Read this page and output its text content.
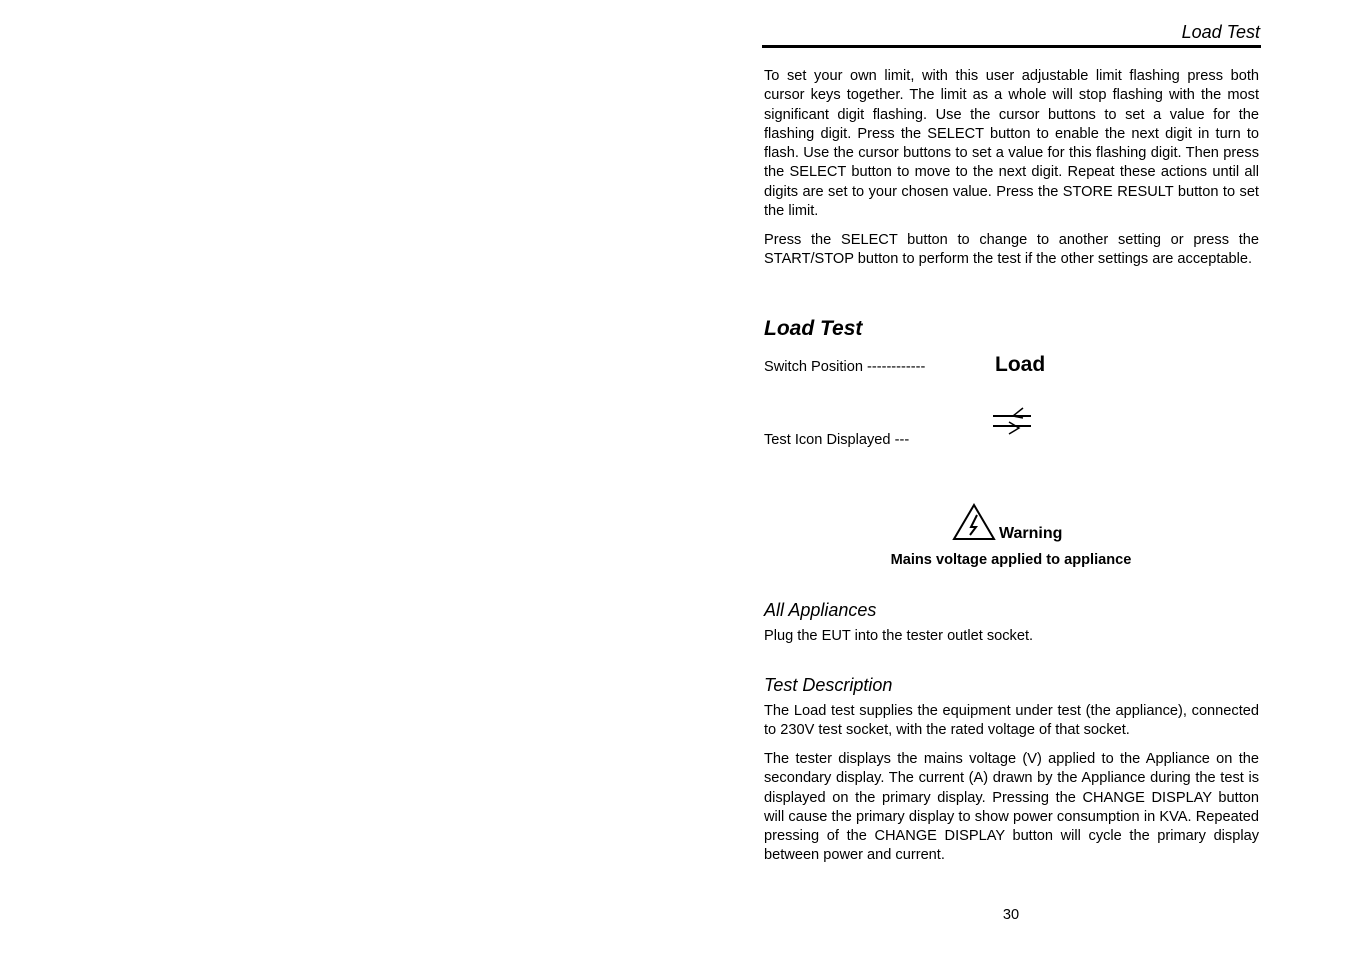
Load Test

To set your own limit, with this user adjustable limit flashing press both cursor keys together. The limit as a whole will stop flashing with the most significant digit flashing. Use the cursor buttons to set a value for the flashing digit. Press the SELECT button to enable the next digit in turn to flash. Use the cursor buttons to set a value for this flashing digit. Then press the SELECT button to move to the next digit. Repeat these actions until all digits are set to your chosen value. Press the STORE RESULT button to set the limit.

Press the SELECT button to change to another setting or press the START/STOP button to perform the test if the other settings are acceptable.

Load Test
Switch Position ------------	Load
Test Icon Displayed ---
Warning
Mains voltage applied to appliance
All Appliances

Plug the EUT into the tester outlet socket.

Test Description

The Load test supplies the equipment under test (the appliance), connected to 230V test socket, with the rated voltage of that socket.

The tester displays the mains voltage (V) applied to the Appliance on the secondary display. The current (A) drawn by the Appliance during the test is displayed on the primary display. Pressing the CHANGE DISPLAY button will cause the primary display to show power consumption in KVA. Repeated pressing of the CHANGE DISPLAY button will cycle the primary display between power and current.

30
